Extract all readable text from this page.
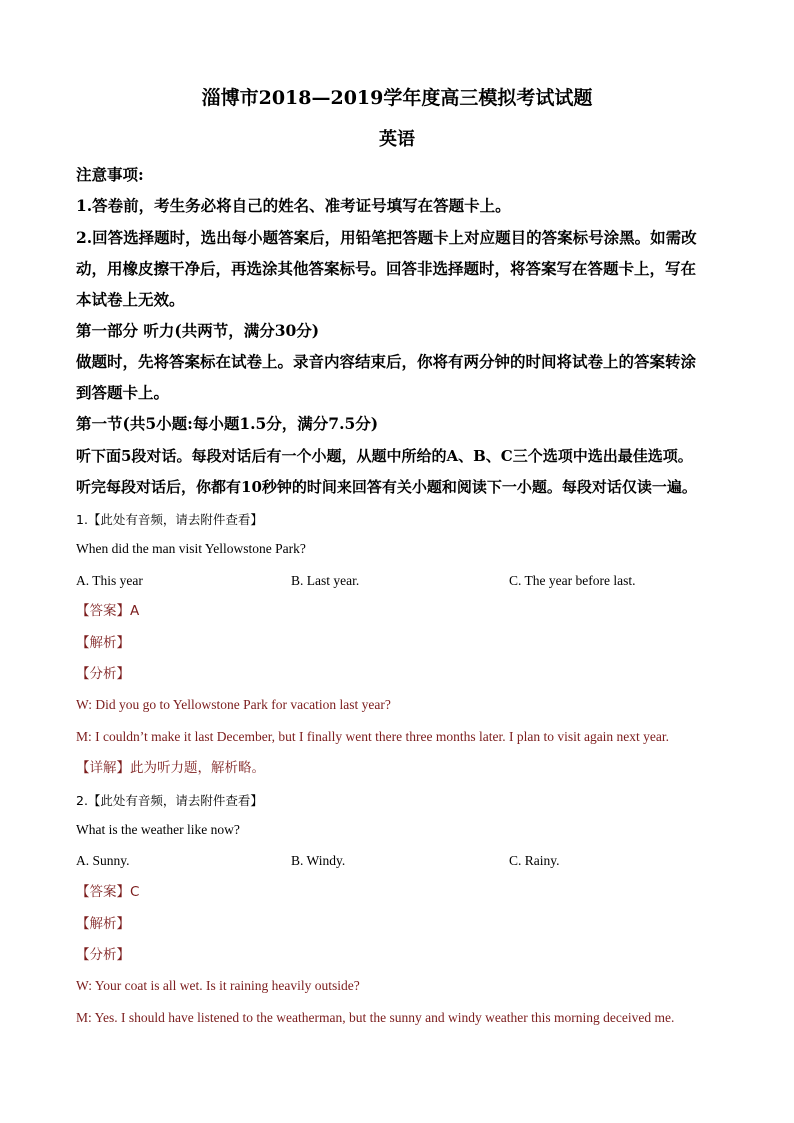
淄博市2018—2019学年度高三模拟考试试题
英语
注意事项:
1.答卷前，考生务必将自己的姓名、准考证号填写在答题卡上。
2.回答选择题时，选出每小题答案后，用铅笔把答题卡上对应题目的答案标号涂黑。如需改
动，用橡皮擦干净后，再选涂其他答案标号。回答非选择题时，将答案写在答题卡上，写在
本试卷上无效。
第一部分 听力(共两节，满分30分)
做题时，先将答案标在试卷上。录音内容结束后，你将有两分钟的时间将试卷上的答案转涂
到答题卡上。
第一节(共5小题:每小题1.5分，满分7.5分)
听下面5段对话。每段对话后有一个小题，从题中所给的A、B、C三个选项中选出最佳选项。
听完每段对话后，你都有10秒钟的时间来回答有关小题和阅读下一小题。每段对话仅读一遍。
1.【此处有音频，请去附件查看】
When did the man visit Yellowstone Park?
A. This year	B. Last year.	C. The year before last.
【答案】A
【解析】
【分析】
W: Did you go to Yellowstone Park for vacation last year?
M: I couldn’t make it last December, but I finally went there three months later. I plan to visit again next year.
【详解】此为听力题，解析略。
2.【此处有音频，请去附件查看】
What is the weather like now?
A. Sunny.	B. Windy.	C. Rainy.
【答案】C
【解析】
【分析】
W: Your coat is all wet. Is it raining heavily outside?
M: Yes. I should have listened to the weatherman, but the sunny and windy weather this morning deceived me.
